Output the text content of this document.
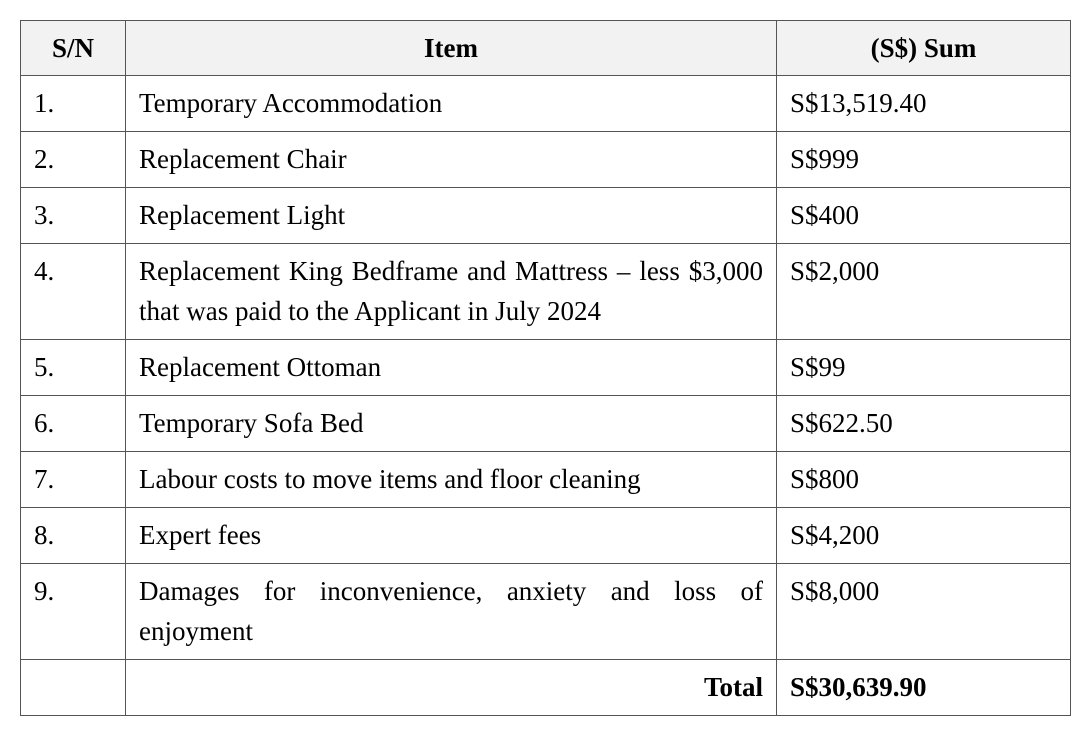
S/N	Item	(S$) Sum
1.	Temporary Accommodation	S$13,519.40
2.	Replacement Chair	S$999
3.	Replacement Light	S$400
4.	Replacement King Bedframe and Mattress – less $3,000 that was paid to the Applicant in July 2024	S$2,000
5.	Replacement Ottoman	S$99
6.	Temporary Sofa Bed	S$622.50
7.	Labour costs to move items and floor cleaning	S$800
8.	Expert fees	S$4,200
9.	Damages for inconvenience, anxiety and loss of enjoyment	S$8,000
	Total	S$30,639.90
